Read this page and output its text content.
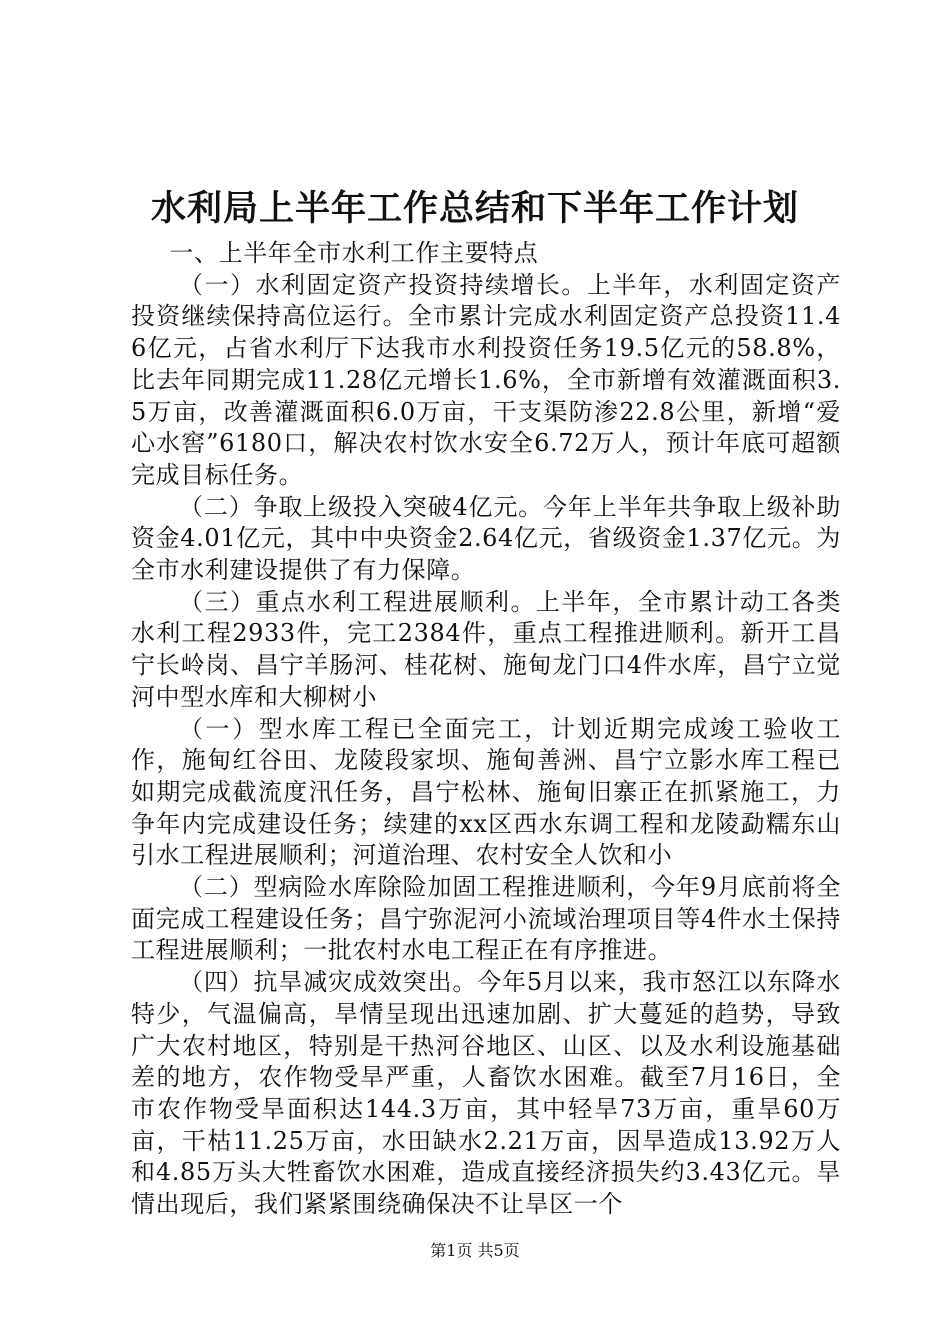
水利局上半年工作总结和下半年工作计划

一、上半年全市水利工作主要特点

（一）水利固定资产投资持续增长。上半年，水利固定资产投资继续保持高位运行。全市累计完成水利固定资产总投资11.46亿元，占省水利厅下达我市水利投资任务19.5亿元的58.8%，比去年同期完成11.28亿元增长1.6%，全市新增有效灌溉面积3.5万亩，改善灌溉面积6.0万亩，干支渠防渗22.8公里，新增“爱心水窖”6180口，解决农村饮水安全6.72万人，预计年底可超额完成目标任务。

（二）争取上级投入突破4亿元。今年上半年共争取上级补助资金4.01亿元，其中中央资金2.64亿元，省级资金1.37亿元。为全市水利建设提供了有力保障。

（三）重点水利工程进展顺利。上半年，全市累计动工各类水利工程2933件，完工2384件，重点工程推进顺利。新开工昌宁长岭岗、昌宁羊肠河、桂花树、施甸龙门口4件水库，昌宁立觉河中型水库和大柳树小

（一）型水库工程已全面完工，计划近期完成竣工验收工作，施甸红谷田、龙陵段家坝、施甸善洲、昌宁立影水库工程已如期完成截流度汛任务，昌宁松林、施甸旧寨正在抓紧施工，力争年内完成建设任务；续建的xx区西水东调工程和龙陵勐糯东山引水工程进展顺利；河道治理、农村安全人饮和小

（二）型病险水库除险加固工程推进顺利，今年9月底前将全面完成工程建设任务；昌宁弥泥河小流域治理项目等4件水土保持工程进展顺利；一批农村水电工程正在有序推进。

（四）抗旱减灾成效突出。今年5月以来，我市怒江以东降水特少，气温偏高，旱情呈现出迅速加剧、扩大蔓延的趋势，导致广大农村地区，特别是干热河谷地区、山区、以及水利设施基础差的地方，农作物受旱严重，人畜饮水困难。截至7月16日，全市农作物受旱面积达144.3万亩，其中轻旱73万亩，重旱60万亩，干枯11.25万亩，水田缺水2.21万亩，因旱造成13.92万人和4.85万头大牲畜饮水困难，造成直接经济损失约3.43亿元。旱情出现后，我们紧紧围绕确保决不让旱区一个

第1页 共5页
